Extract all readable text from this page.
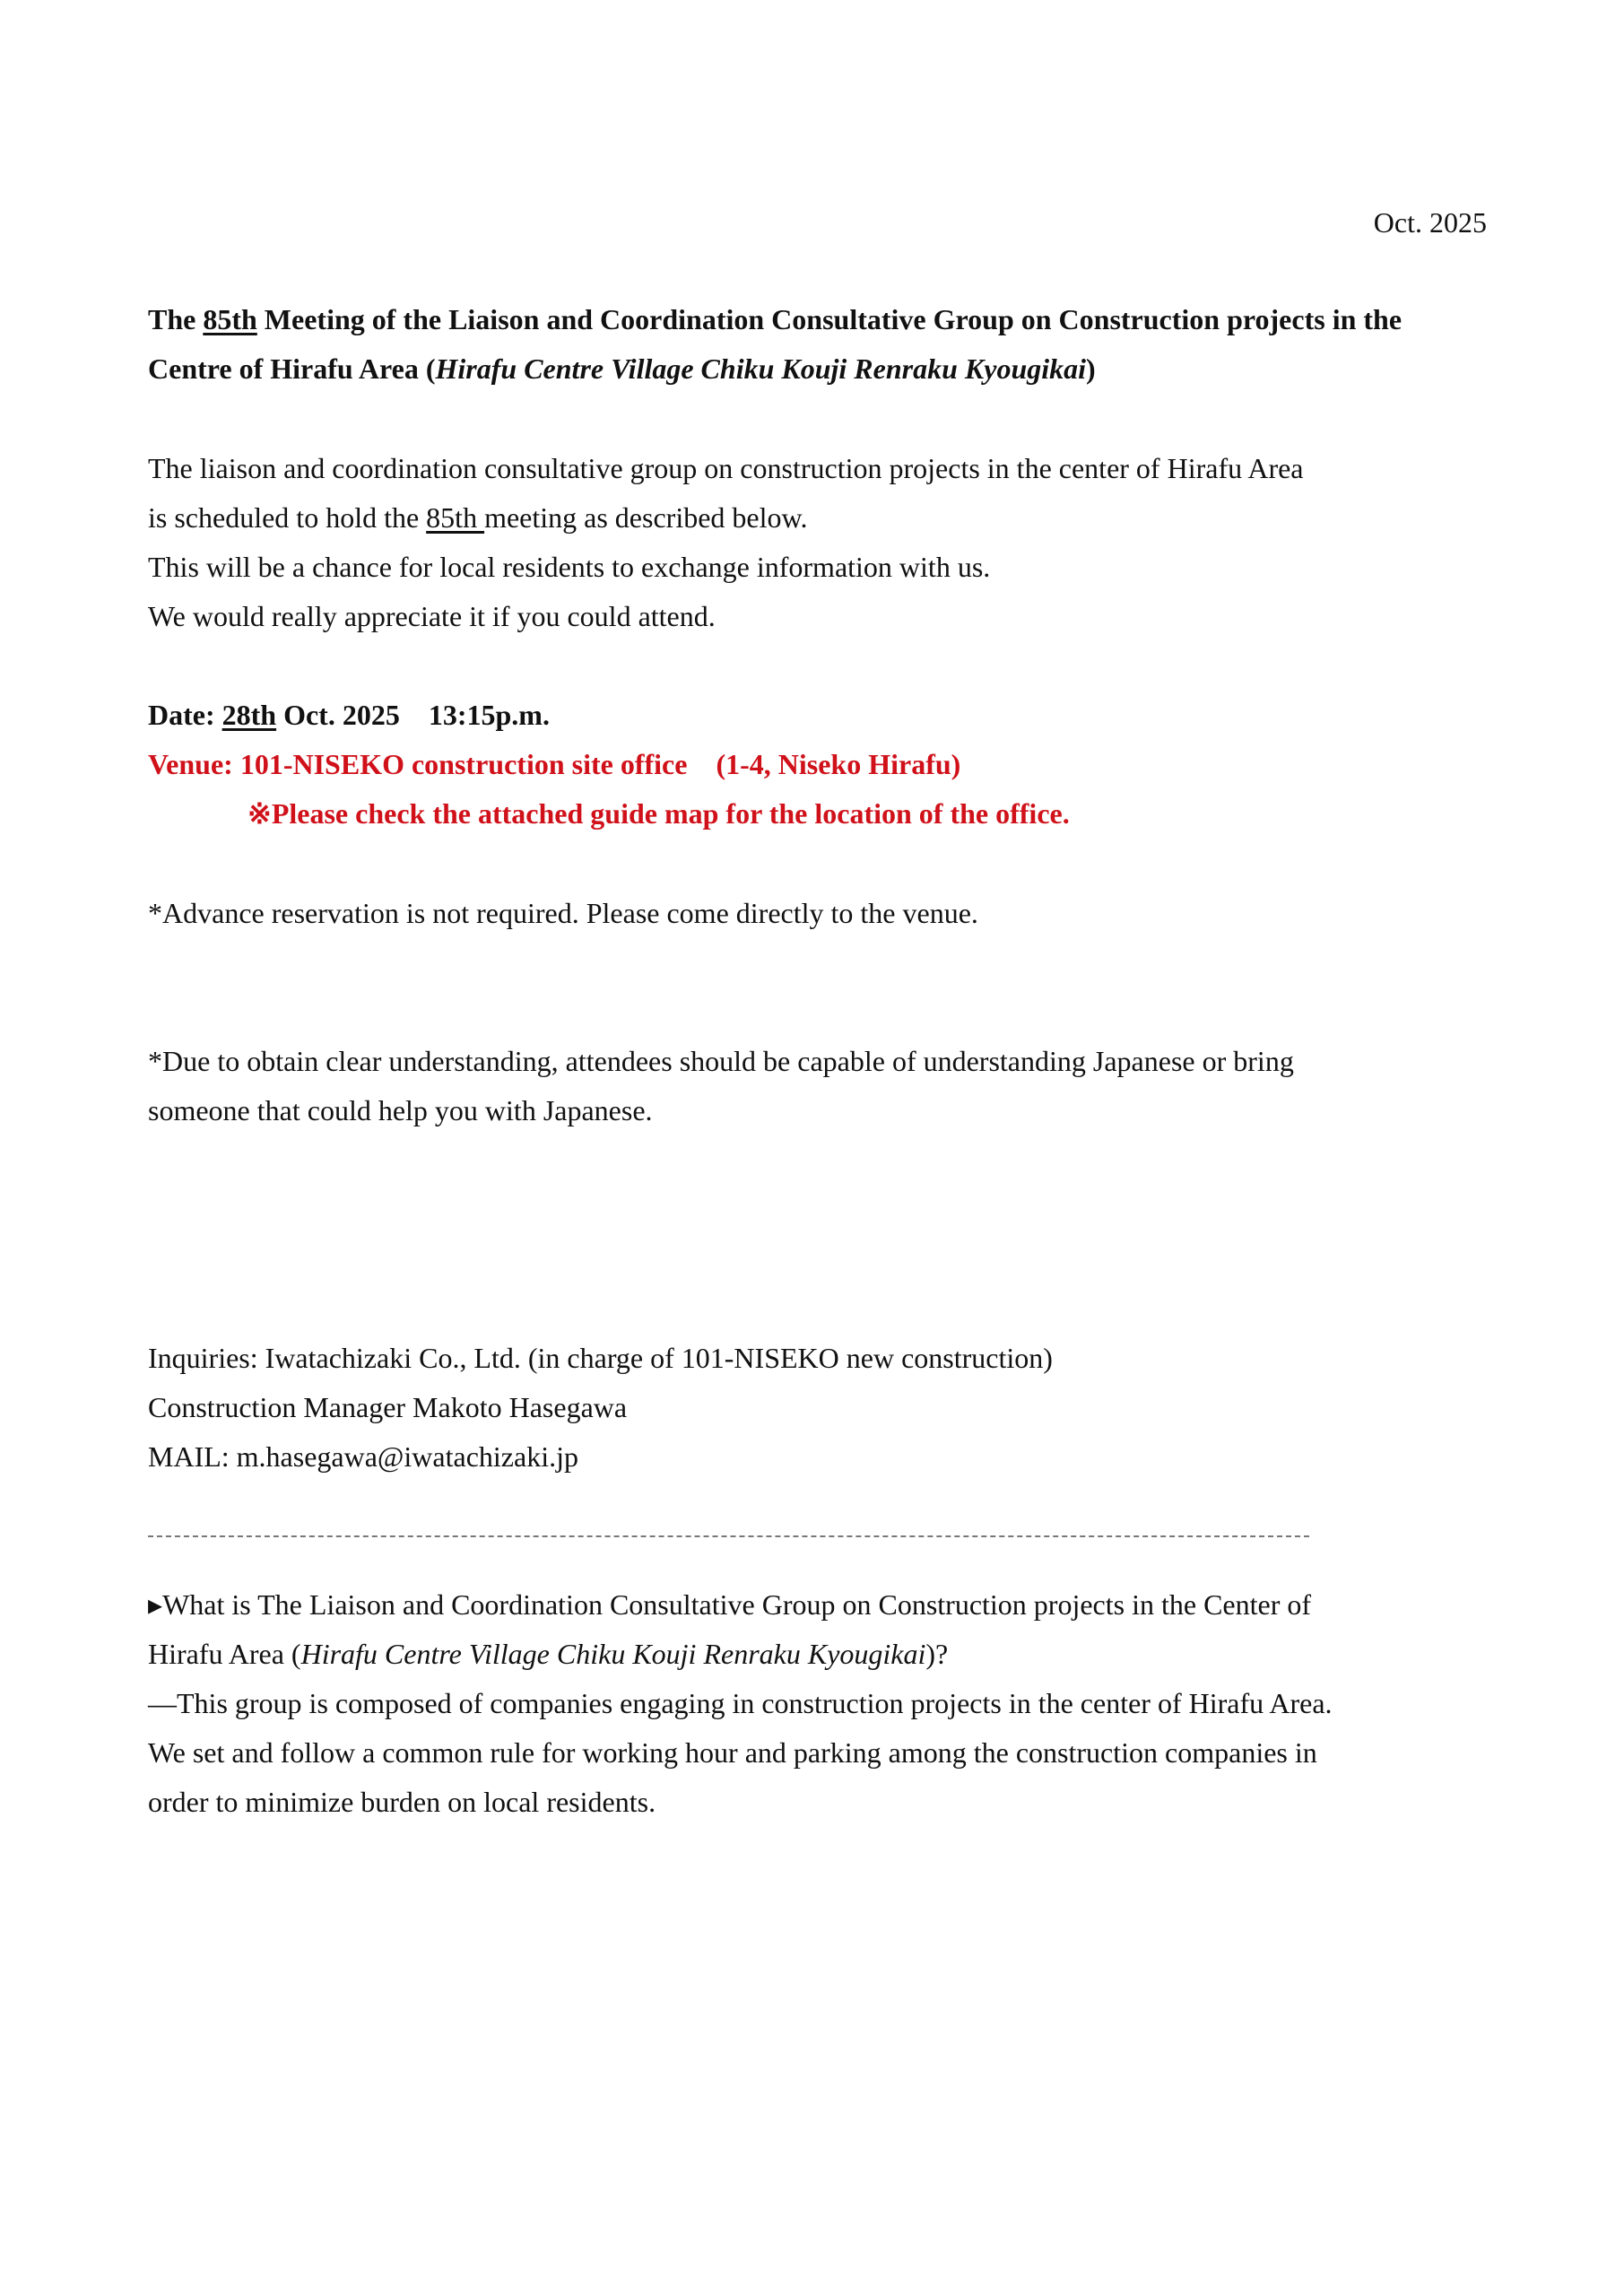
Oct. 2025
The 85th Meeting of the Liaison and Coordination Consultative Group on Construction projects in the
Centre of Hirafu Area (Hirafu Centre Village Chiku Kouji Renraku Kyougikai)
The liaison and coordination consultative group on construction projects in the center of Hirafu Area
is scheduled to hold the 85th meeting as described below.
This will be a chance for local residents to exchange information with us.
We would really appreciate it if you could attend.
Date: 28th Oct. 2025    13:15p.m.
Venue: 101-NISEKO construction site office    (1-4, Niseko Hirafu)
※Please check the attached guide map for the location of the office.
*Advance reservation is not required. Please come directly to the venue.
*Due to obtain clear understanding, attendees should be capable of understanding Japanese or bring
someone that could help you with Japanese.
Inquiries: Iwatachizaki Co., Ltd. (in charge of 101-NISEKO new construction)
Construction Manager Makoto Hasegawa
MAIL: m.hasegawa@iwatachizaki.jp
▸What is The Liaison and Coordination Consultative Group on Construction projects in the Center of
Hirafu Area (Hirafu Centre Village Chiku Kouji Renraku Kyougikai)?
―This group is composed of companies engaging in construction projects in the center of Hirafu Area.
We set and follow a common rule for working hour and parking among the construction companies in
order to minimize burden on local residents.
